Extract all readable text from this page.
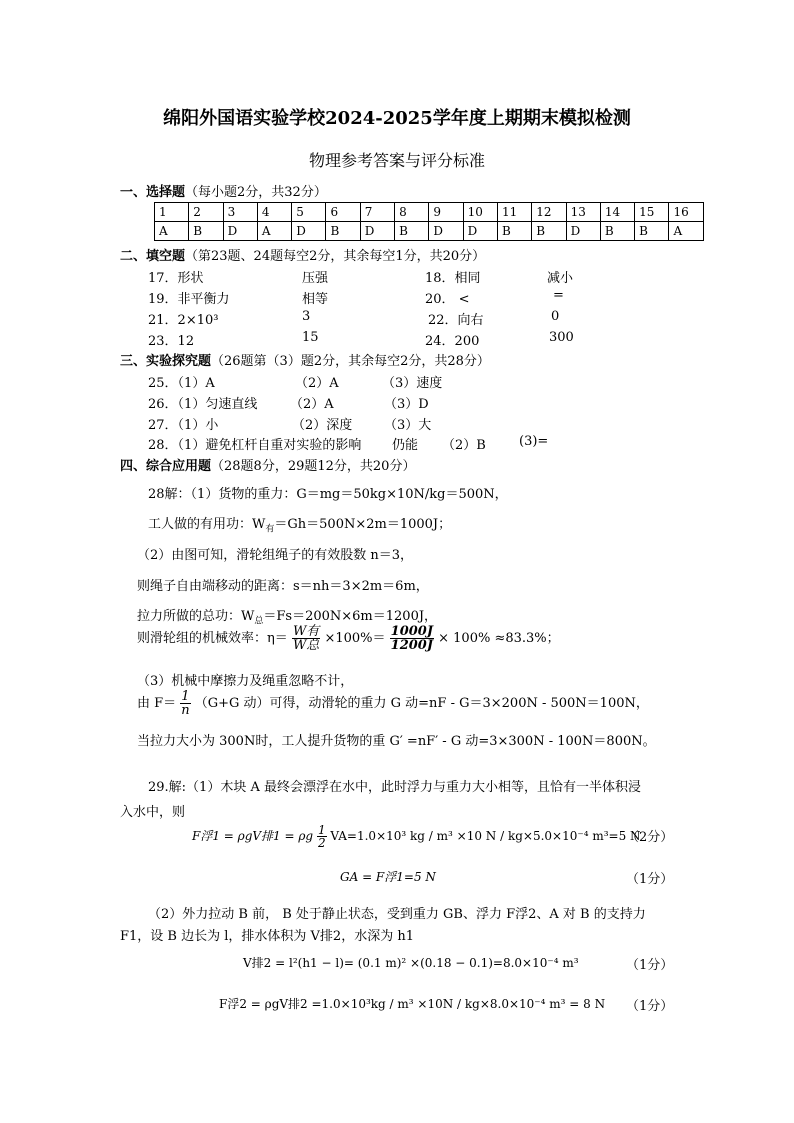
绵阳外国语实验学校2024-2025学年度上期期末模拟检测
物理参考答案与评分标准
一、选择题（每小题2分，共32分）
1	2	3	4	5	6	7	8	9	10	11	12	13	14	15	16
A	B	D	A	D	B	D	B	D	D	B	B	D	B	B	A
二、填空题（第23题、24题每空2分，其余每空1分，共20分）
17．形状	压强	18．相同	减小
19．非平衡力	相等	20． <	=
21．2×10³	3	22．向右	0
23．12	15	24．200	300
三、实验探究题（26题第（3）题2分，其余每空2分，共28分）
25．（1）A	（2）A	（3）速度
26．（1）匀速直线	（2）A	（3）D
27．（1）小	（2）深度 （3）大
28．（1）避免杠杆自重对实验的影响 仍能 （2）B	(3)=
四、综合应用题（28题8分，29题12分，共20分）
28解：（1）货物的重力：G＝mg＝50kg×10N/kg＝500N，
工人做的有用功：$W_有=Gh=500N\times 2m=1000J$；
（2）由图可知，滑轮组绳子的有效股数 n＝3，
则绳子自由端移动的距离：s＝nh＝3×2m＝6m，
拉力所做的总功：$W_总=Fs=200N\times 6m=1200J$，
则滑轮组的机械效率：$\eta= \frac{\text{W有}}{\text{W总}} \times 100\%= \frac{1000J}{1200J} \times 100\% \approx 83.3\%$；
（3）机械中摩擦力及绳重忽略不计，
由 $F= \frac{1}{n} (G+G$ 动）可得，动滑轮的重力 G 动=nF - G＝3×200N - 500N＝100N，
当拉力大小为 300N时，工人提升货物的重 G′ =nF′ - G 动=3×300N - 100N＝800N。
29.解:（1）木块 A 最终会漂浮在水中，此时浮力与重力大小相等，且恰有一半体积浸
入水中，则
F浮1 = ρgV排1 = ρg $\frac{1}{2} VA=1.0\times 10^3$ kg / m³ ×10 N / kg×5.0×10⁻⁴ m³=5 N
（2分）
GA = F浮1=5 N	（1分）
（2）外力拉动 B 前， B 处于静止状态，受到重力 GB、浮力 F浮2、A 对 B 的支持力
F1，设 B 边长为 l，排水体积为 V排2，水深为 h1
V排2 = l²(h1 − l)= (0.1 m)² ×(0.18 − 0.1)=8.0×10⁻⁴ m³	（1分）
F浮2 = ρgV排2 =1.0×10³kg / m³ ×10N / kg×8.0×10⁻⁴ m³ = 8 N （1分）
